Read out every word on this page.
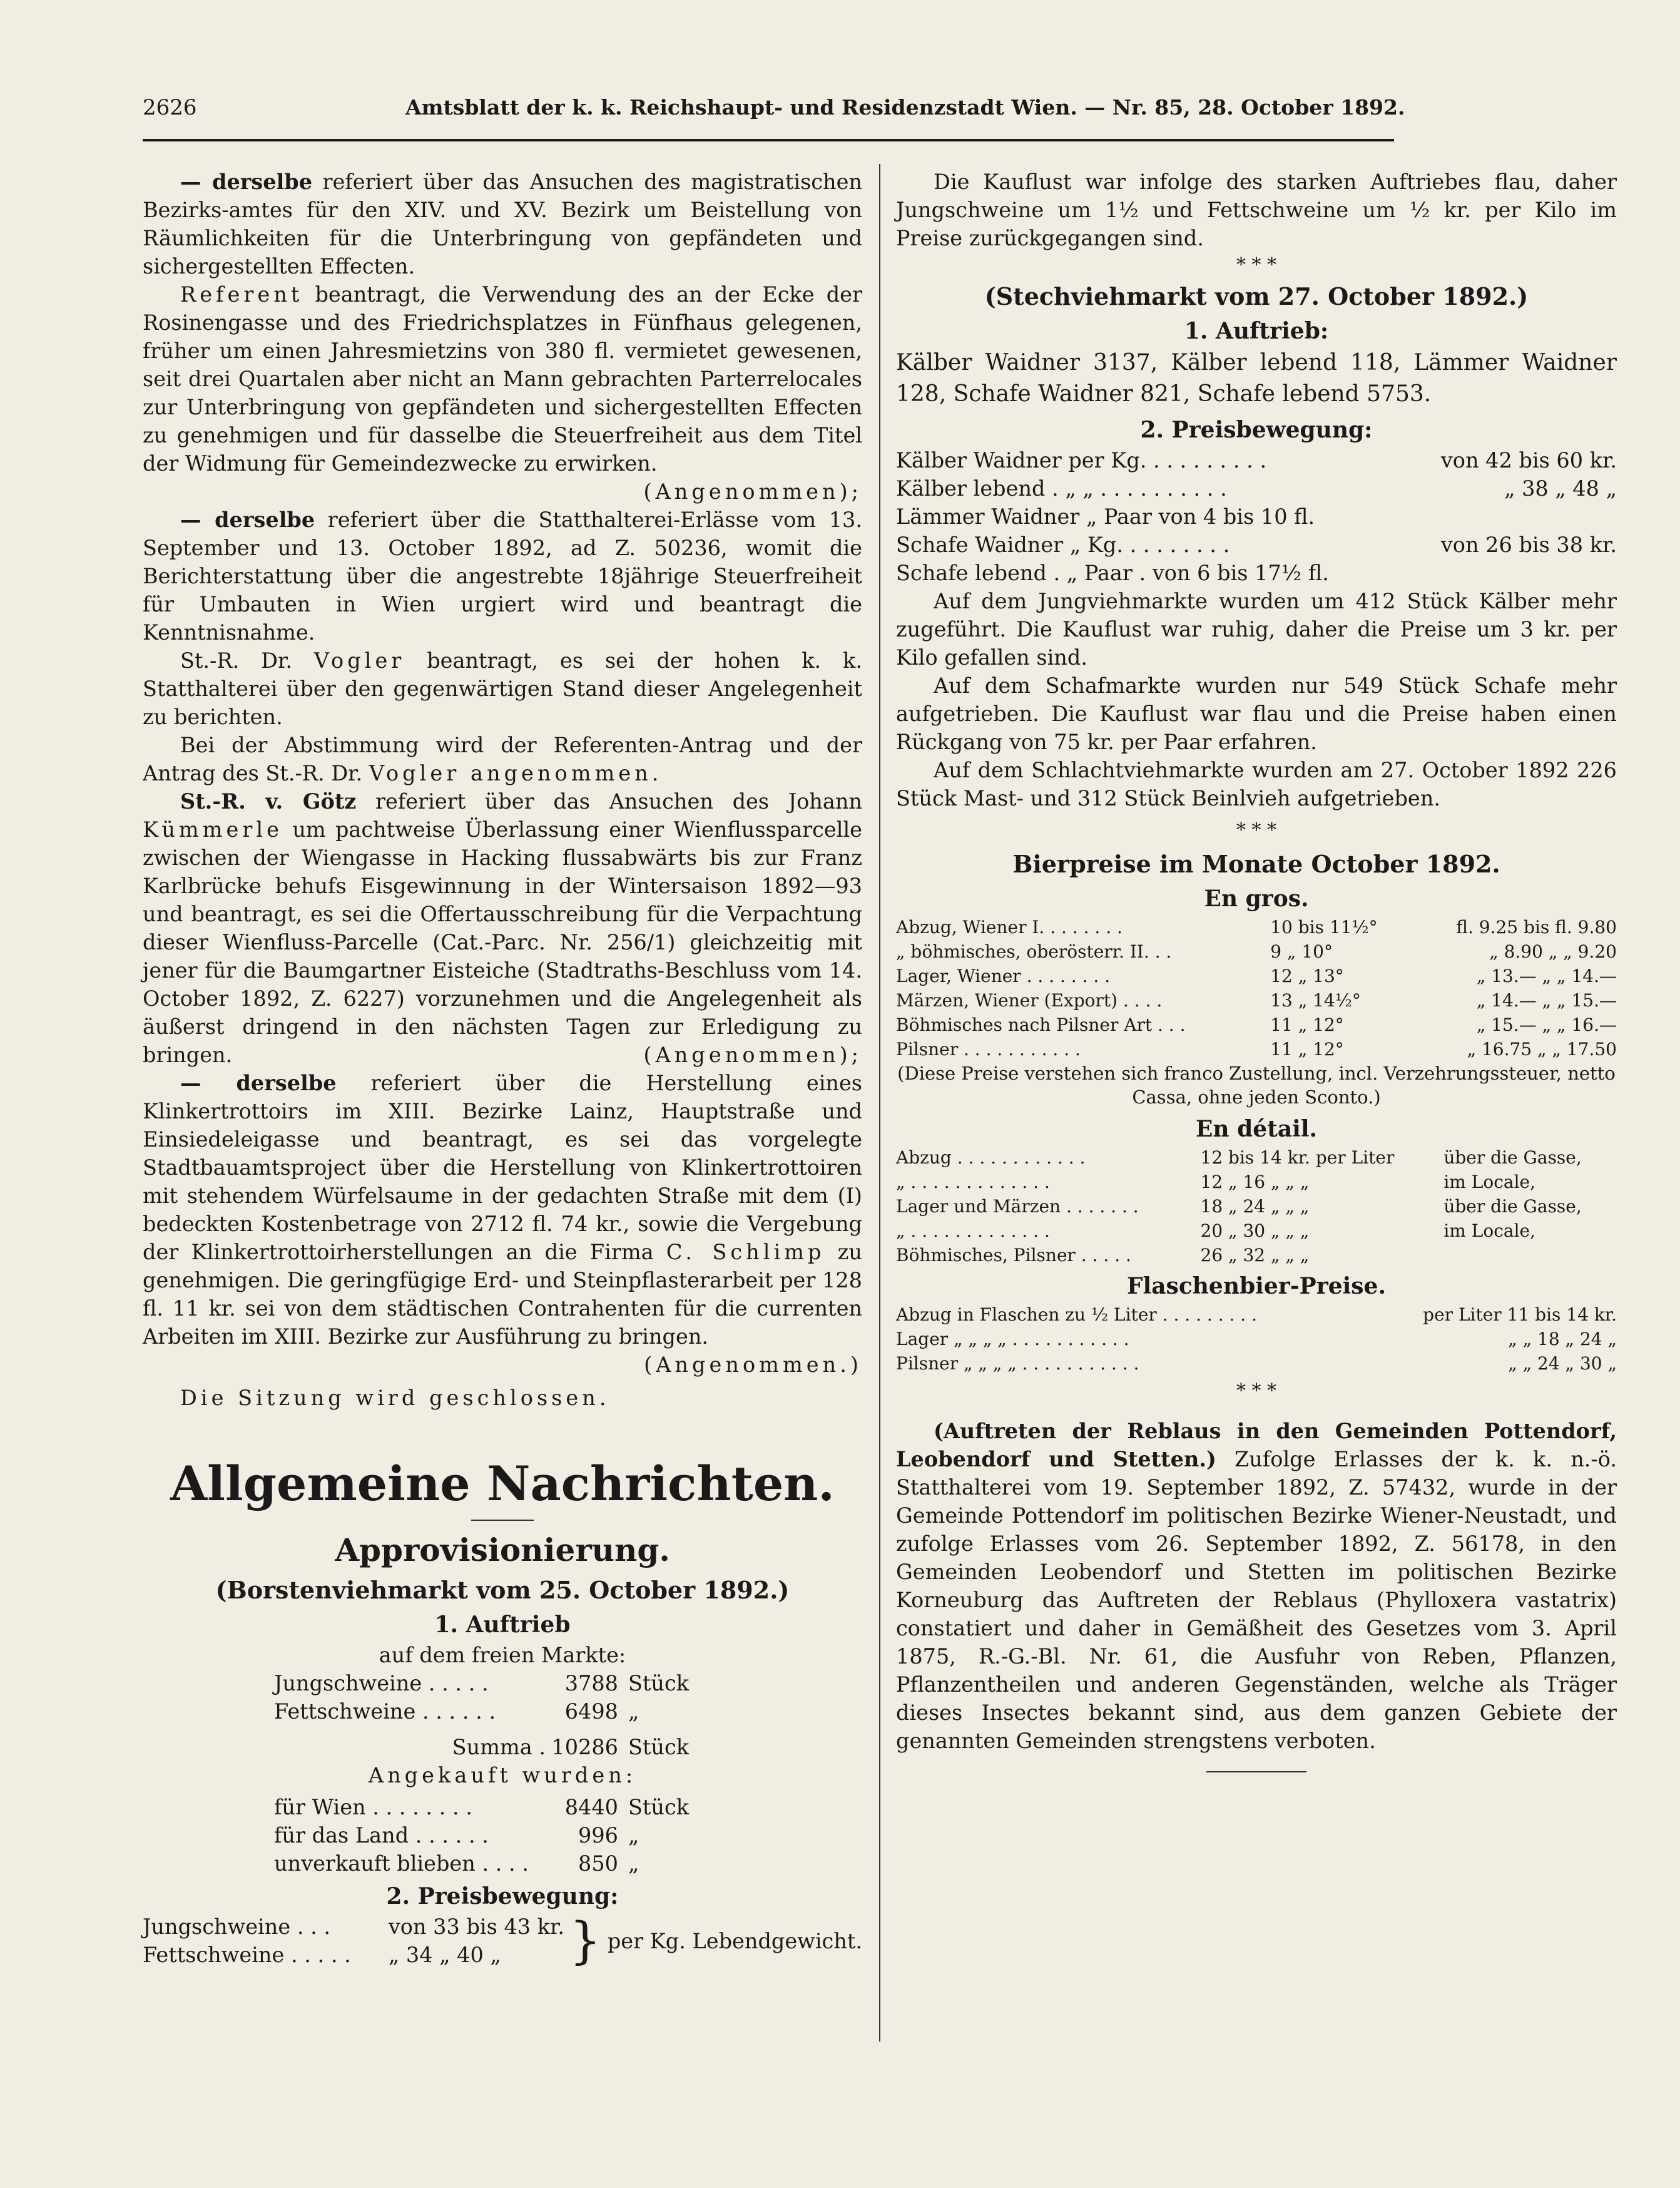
2626	Amtsblatt der k. k. Reichshaupt- und Residenzstadt Wien. — Nr. 85, 28. October 1892.

— derselbe referiert über das Ansuchen des magistratischen Bezirks-amtes für den XIV. und XV. Bezirk um Beistellung von Räumlichkeiten für die Unterbringung von gepfändeten und sichergestellten Effecten.

Referent beantragt, die Verwendung des an der Ecke der Rosinengasse und des Friedrichsplatzes in Fünfhaus gelegenen, früher um einen Jahresmietzins von 380 fl. vermietet gewesenen, seit drei Quartalen aber nicht an Mann gebrachten Parterrelocales zur Unterbringung von gepfändeten und sichergestellten Effecten zu genehmigen und für dasselbe die Steuerfreiheit aus dem Titel der Widmung für Gemeindezwecke zu erwirken.
(Angenommen);

— derselbe referiert über die Statthalterei-Erlässe vom 13. September und 13. October 1892, ad Z. 50236, womit die Berichterstattung über die angestrebte 18jährige Steuerfreiheit für Umbauten in Wien urgiert wird und beantragt die Kenntnisnahme.

St.-R. Dr. Vogler beantragt, es sei der hohen k. k. Statthalterei über den gegenwärtigen Stand dieser Angelegenheit zu berichten.

Bei der Abstimmung wird der Referenten-Antrag und der Antrag des St.-R. Dr. Vogler angenommen.

St.-R. v. Götz referiert über das Ansuchen des Johann Kümmerle um pachtweise Überlassung einer Wienflussparcelle zwischen der Wiengasse in Hacking flussabwärts bis zur Franz Karlbrücke behufs Eisgewinnung in der Wintersaison 1892—93 und beantragt, es sei die Offertausschreibung für die Verpachtung dieser Wienfluss-Parcelle (Cat.-Parc. Nr. 256/1) gleichzeitig mit jener für die Baumgartner Eisteiche (Stadtraths-Beschluss vom 14. October 1892, Z. 6227) vorzunehmen und die Angelegenheit als äußerst dringend in den nächsten Tagen zur Erledigung zu bringen.	(Angenommen);

— derselbe referiert über die Herstellung eines Klinkertrottoirs im XIII. Bezirke Lainz, Hauptstraße und Einsiedeleigasse und beantragt, es sei das vorgelegte Stadtbauamtsproject über die Herstellung von Klinkertrottoiren mit stehendem Würfelsaume in der gedachten Straße mit dem (I) bedeckten Kostenbetrage von 2712 fl. 74 kr., sowie die Vergebung der Klinkertrottoirherstellungen an die Firma C. Schlimp zu genehmigen. Die geringfügige Erd- und Steinpflasterarbeit per 128 fl. 11 kr. sei von dem städtischen Contrahenten für die currenten Arbeiten im XIII. Bezirke zur Ausführung zu bringen.

(Angenommen.)

Die Sitzung wird geschlossen.

Allgemeine Nachrichten.
Approvisionierung.
(Borstenviehmarkt vom 25. October 1892.)
1. Auftrieb
auf dem freien Markte:
Jungschweine . . . . .	3788	Stück
Fettschweine . . . . . .	6498	„
Summa .	10286	Stück
Angekauft wurden:
für Wien . . . . . . . .	8440	Stück
für das Land . . . . . .	996	„
unverkauft blieben . . . .	850	„
2. Preisbewegung:
Jungschweine . . .	von 33 bis 43 kr.	}	per Kg. Lebendgewicht.
Fettschweine . . . . .	„ 34 „ 40 „		

Die Kauflust war infolge des starken Auftriebes flau, daher Jungschweine um 1½ und Fettschweine um ½ kr. per Kilo im Preise zurückgegangen sind.

* * *
(Stechviehmarkt vom 27. October 1892.)
1. Auftrieb:

Kälber Waidner 3137, Kälber lebend 118, Lämmer Waidner 128, Schafe Waidner 821, Schafe lebend 5753.

2. Preisbewegung:
Kälber Waidner per Kg. . . . . . . . . .	von 42 bis 60 kr.
Kälber lebend . „ „ . . . . . . . . . .	„ 38 „ 48 „
Lämmer Waidner „ Paar von 4 bis 10 fl.	
Schafe Waidner „ Kg. . . . . . . . .	von 26 bis 38 kr.
Schafe lebend . „ Paar . von 6 bis 17½ fl.	

Auf dem Jungviehmarkte wurden um 412 Stück Kälber mehr zugeführt. Die Kauflust war ruhig, daher die Preise um 3 kr. per Kilo gefallen sind.

Auf dem Schafmarkte wurden nur 549 Stück Schafe mehr aufgetrieben. Die Kauflust war flau und die Preise haben einen Rückgang von 75 kr. per Paar erfahren.

Auf dem Schlachtviehmarkte wurden am 27. October 1892 226 Stück Mast- und 312 Stück Beinlvieh aufgetrieben.

* * *
Bierpreise im Monate October 1892.
En gros.
Abzug, Wiener I. . . . . . . .	10 bis 11½°	fl. 9.25 bis fl. 9.80
„ böhmisches, oberösterr. II. . .	9 „ 10°	„ 8.90 „ „ 9.20
Lager, Wiener . . . . . . . .	12 „ 13°	„ 13.— „ „ 14.—
Märzen, Wiener (Export) . . . .	13 „ 14½°	„ 14.— „ „ 15.—
Böhmisches nach Pilsner Art . . .	11 „ 12°	„ 15.— „ „ 16.—
Pilsner . . . . . . . . . . .	11 „ 12°	„ 16.75 „ „ 17.50

(Diese Preise verstehen sich franco Zustellung, incl. Verzehrungssteuer, netto Cassa, ohne jeden Sconto.)

En détail.
Abzug . . . . . . . . . . . .	12 bis 14 kr. per Liter	über die Gasse,
„ . . . . . . . . . . . . .	12 „ 16 „ „ „	im Locale,
Lager und Märzen . . . . . . .	18 „ 24 „ „ „	über die Gasse,
„ . . . . . . . . . . . . .	20 „ 30 „ „ „	im Locale,
Böhmisches, Pilsner . . . . .	26 „ 32 „ „ „	
Flaschenbier-Preise.
Abzug in Flaschen zu ½ Liter . . . . . . . . .	per Liter 11 bis 14 kr.
Lager „ „ „ „ . . . . . . . . . . .	„ „ 18 „ 24 „
Pilsner „ „ „ „ . . . . . . . . . . .	„ „ 24 „ 30 „
* * *

(Auftreten der Reblaus in den Gemeinden Pottendorf, Leobendorf und Stetten.) Zufolge Erlasses der k. k. n.-ö. Statthalterei vom 19. September 1892, Z. 57432, wurde in der Gemeinde Pottendorf im politischen Bezirke Wiener-Neustadt, und zufolge Erlasses vom 26. September 1892, Z. 56178, in den Gemeinden Leobendorf und Stetten im politischen Bezirke Korneuburg das Auftreten der Reblaus (Phylloxera vastatrix) constatiert und daher in Gemäßheit des Gesetzes vom 3. April 1875, R.-G.-Bl. Nr. 61, die Ausfuhr von Reben, Pflanzen, Pflanzentheilen und anderen Gegenständen, welche als Träger dieses Insectes bekannt sind, aus dem ganzen Gebiete der genannten Gemeinden strengstens verboten.
